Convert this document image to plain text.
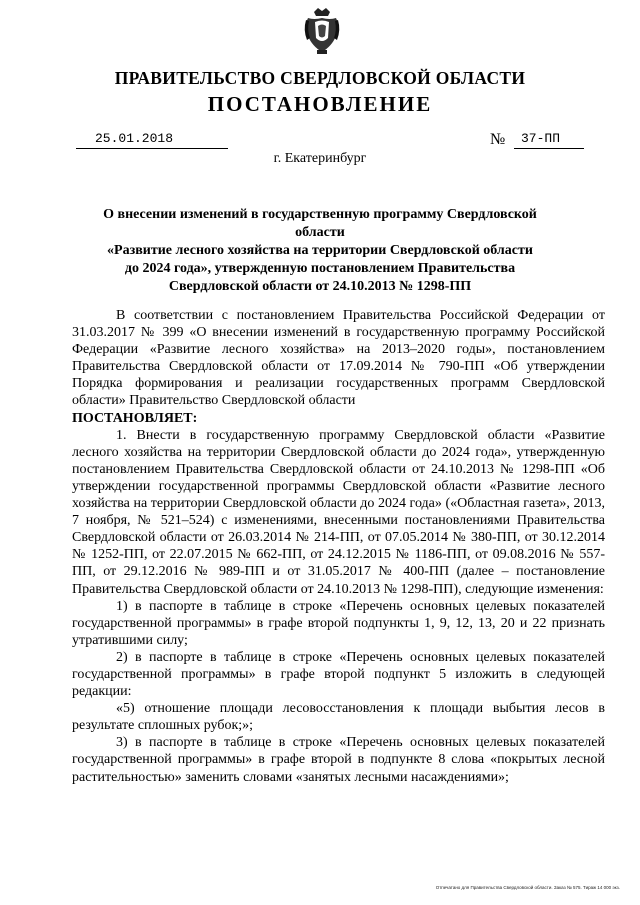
ПРАВИТЕЛЬСТВО СВЕРДЛОВСКОЙ ОБЛАСТИ
ПОСТАНОВЛЕНИЕ
25.01.2018	№ 37-ПП
г. Екатеринбург
О внесении изменений в государственную программу Свердловской области
«Развитие лесного хозяйства на территории Свердловской области
до 2024 года», утвержденную постановлением Правительства
Свердловской области от 24.10.2013 № 1298-ПП

В соответствии с постановлением Правительства Российской Федерации от 31.03.2017 № 399 «О внесении изменений в государственную программу Российской Федерации «Развитие лесного хозяйства» на 2013–2020 годы», постановлением Правительства Свердловской области от 17.09.2014 № 790-ПП «Об утверждении Порядка формирования и реализации государственных программ Свердловской области» Правительство Свердловской области

ПОСТАНОВЛЯЕТ:

1. Внести в государственную программу Свердловской области «Развитие лесного хозяйства на территории Свердловской области до 2024 года», утвержденную постановлением Правительства Свердловской области от 24.10.2013 № 1298-ПП «Об утверждении государственной программы Свердловской области «Развитие лесного хозяйства на территории Свердловской области до 2024 года» («Областная газета», 2013, 7 ноября, № 521–524) с изменениями, внесенными постановлениями Правительства Свердловской области от 26.03.2014 № 214-ПП, от 07.05.2014 № 380-ПП, от 30.12.2014 № 1252-ПП, от 22.07.2015 № 662-ПП, от 24.12.2015 № 1186-ПП, от 09.08.2016 № 557-ПП, от 29.12.2016 № 989-ПП и от 31.05.2017 № 400-ПП (далее – постановление Правительства Свердловской области от 24.10.2013 № 1298-ПП), следующие изменения:

1) в паспорте в таблице в строке «Перечень основных целевых показателей государственной программы» в графе второй подпункты 1, 9, 12, 13, 20 и 22 признать утратившими силу;

2) в паспорте в таблице в строке «Перечень основных целевых показателей государственной программы» в графе второй подпункт 5 изложить в следующей редакции:

«5) отношение площади лесовосстановления к площади выбытия лесов в результате сплошных рубок;»;

3) в паспорте в таблице в строке «Перечень основных целевых показателей государственной программы» в графе второй в подпункте 8 слова «покрытых лесной растительностью» заменить словами «занятых лесными насаждениями»;

Отпечатано для Правительства Свердловской области. Заказ № 575. Тираж 14 000 экз.
